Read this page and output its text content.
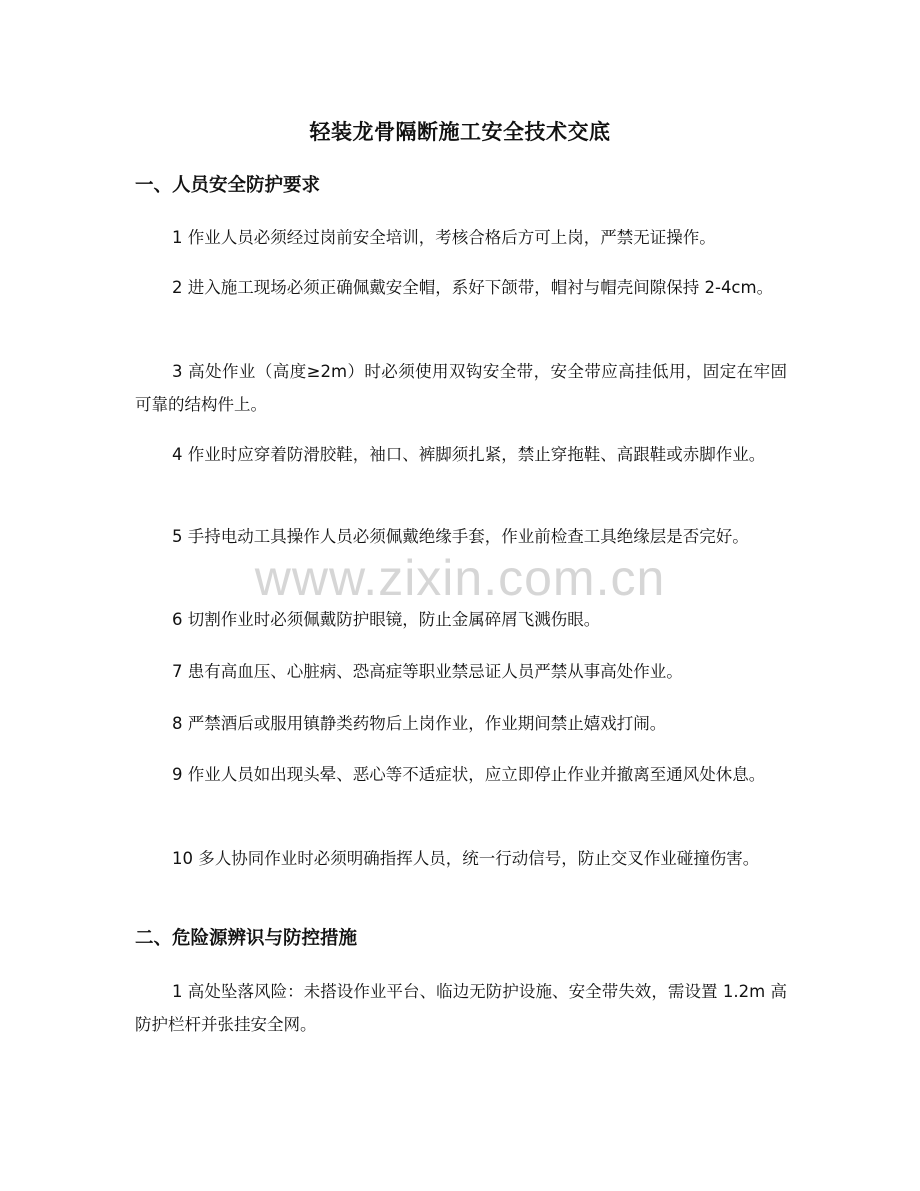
轻装龙骨隔断施工安全技术交底
一、人员安全防护要求

1 作业人员必须经过岗前安全培训，考核合格后方可上岗，严禁无证操作。

2 进入施工现场必须正确佩戴安全帽，系好下颌带，帽衬与帽壳间隙保持 2-4cm。

3 高处作业（高度≥2m）时必须使用双钩安全带，安全带应高挂低用，固定在牢固可靠的结构件上。

4 作业时应穿着防滑胶鞋，袖口、裤脚须扎紧，禁止穿拖鞋、高跟鞋或赤脚作业。

5 手持电动工具操作人员必须佩戴绝缘手套，作业前检查工具绝缘层是否完好。

6 切割作业时必须佩戴防护眼镜，防止金属碎屑飞溅伤眼。

7 患有高血压、心脏病、恐高症等职业禁忌证人员严禁从事高处作业。

8 严禁酒后或服用镇静类药物后上岗作业，作业期间禁止嬉戏打闹。

9 作业人员如出现头晕、恶心等不适症状，应立即停止作业并撤离至通风处休息。

10 多人协同作业时必须明确指挥人员，统一行动信号，防止交叉作业碰撞伤害。

二、危险源辨识与防控措施

1 高处坠落风险：未搭设作业平台、临边无防护设施、安全带失效，需设置 1.2m 高防护栏杆并张挂安全网。

www.zixin.com.cn
